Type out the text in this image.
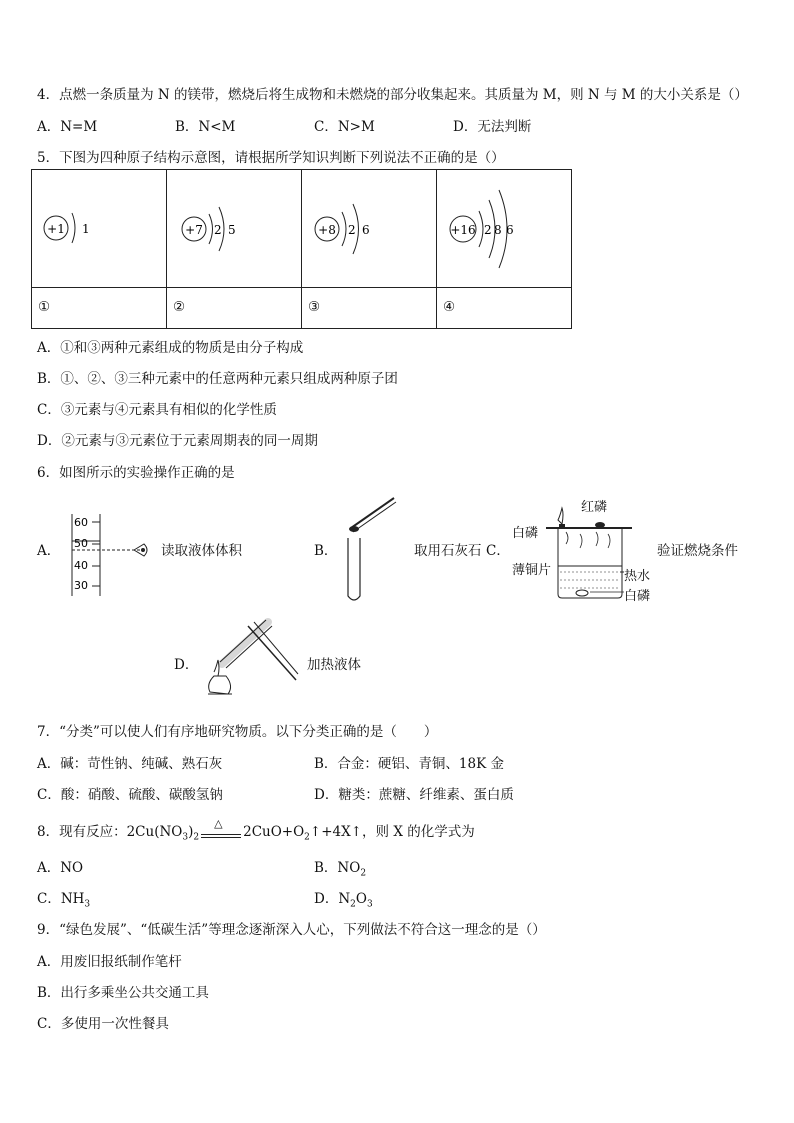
4．点燃一条质量为 N 的镁带，燃烧后将生成物和未燃烧的部分收集起来。其质量为 M，则 N 与 M 的大小关系是（）
A．N=M	B．N<M	C．N>M	D．无法判断
5．下图为四种原子结构示意图，请根据所学知识判断下列说法不正确的是（）
+1 1	+7 2 5	+8 2 6	+16 2 8 6

①	②	③	④
A．①和③两种元素组成的物质是由分子构成
B．①、②、③三种元素中的任意两种元素只组成两种原子团
C．③元素与④元素具有相似的化学性质
D．②元素与③元素位于元素周期表的同一周期
6．如图所示的实验操作正确的是
A．
60
50
40
30
读取液体体积	B．	取用石灰石 C．
红磷
白磷
薄铜片	热水
白磷
验证燃烧条件
D．	加热液体
7．“分类”可以使人们有序地研究物质。以下分类正确的是（　　）
A．碱：苛性钠、纯碱、熟石灰	B．合金：硬铝、青铜、18K 金
C．酸：硝酸、硫酸、碳酸氢钠	D．糖类：蔗糖、纤维素、蛋白质
8．现有反应：$2Cu(NO_3)_2$
△
$2CuO+O_2↑+4X↑$，则 X 的化学式为
A．NO	B．$NO_2$
C．$NH_3$	D．$N_2O_3$
9．“绿色发展”、“低碳生活”等理念逐渐深入人心，下列做法不符合这一理念的是（）
A．用废旧报纸制作笔杆
B．出行多乘坐公共交通工具
C．多使用一次性餐具
